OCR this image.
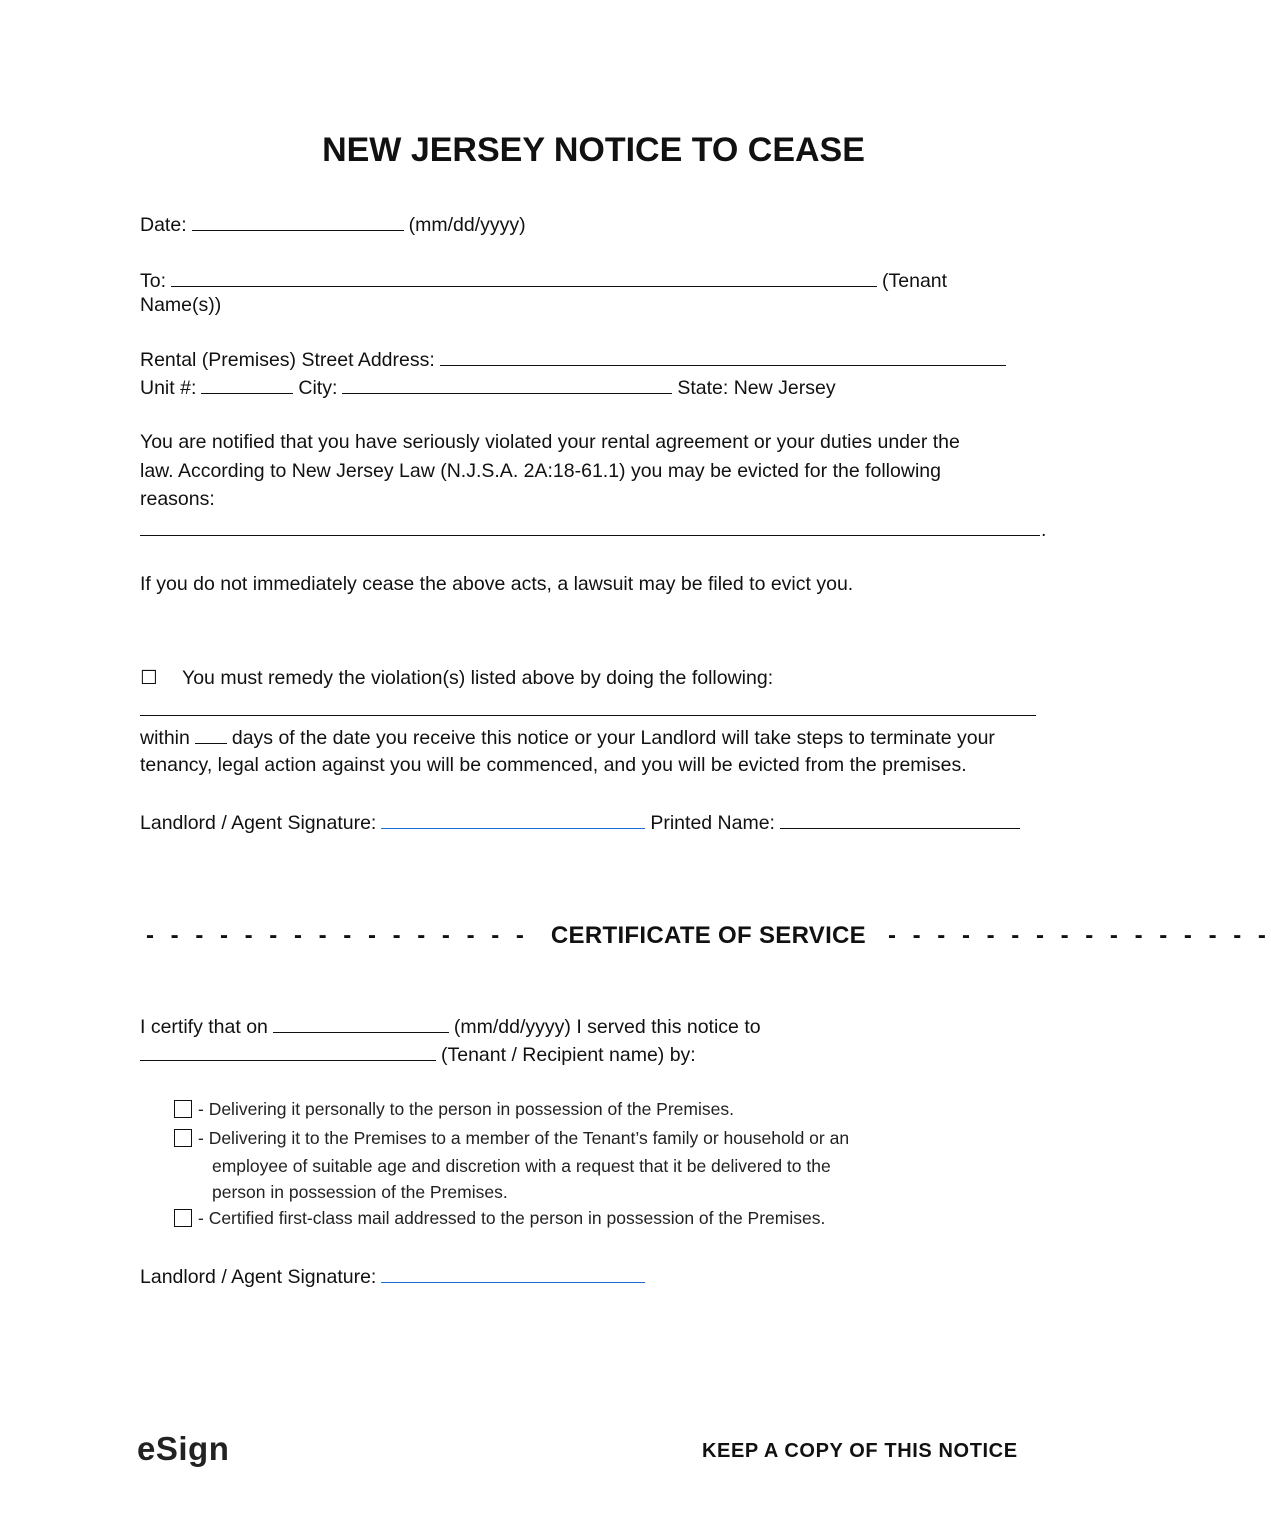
NEW JERSEY NOTICE TO CEASE
Date:	(mm/dd/yyyy)
To:	(Tenant
Name(s))
Rental (Premises) Street Address:
Unit #:	City:	State: New Jersey
You are notified that you have seriously violated your rental agreement or your duties under the
law. According to New Jersey Law (N.J.S.A. 2A:18-61.1) you may be evicted for the following
reasons:
.
If you do not immediately cease the above acts, a lawsuit may be filed to evict you.
☐ You must remedy the violation(s) listed above by doing the following:
within days of the date you receive this notice or your Landlord will take steps to terminate your
tenancy, legal action against you will be commenced, and you will be evicted from the premises.
Landlord / Agent Signature:	Printed Name:
- - - - - - - - - - - - - - - - CERTIFICATE OF SERVICE - - - - - - - - - - - - - - - -
I certify that on	(mm/dd/yyyy) I served this notice to
(Tenant / Recipient name) by:
- Delivering it personally to the person in possession of the Premises.
- Delivering it to the Premises to a member of the Tenant’s family or household or an
employee of suitable age and discretion with a request that it be delivered to the
person in possession of the Premises.
- Certified first-class mail addressed to the person in possession of the Premises.
Landlord / Agent Signature:
eSign	KEEP A COPY OF THIS NOTICE
